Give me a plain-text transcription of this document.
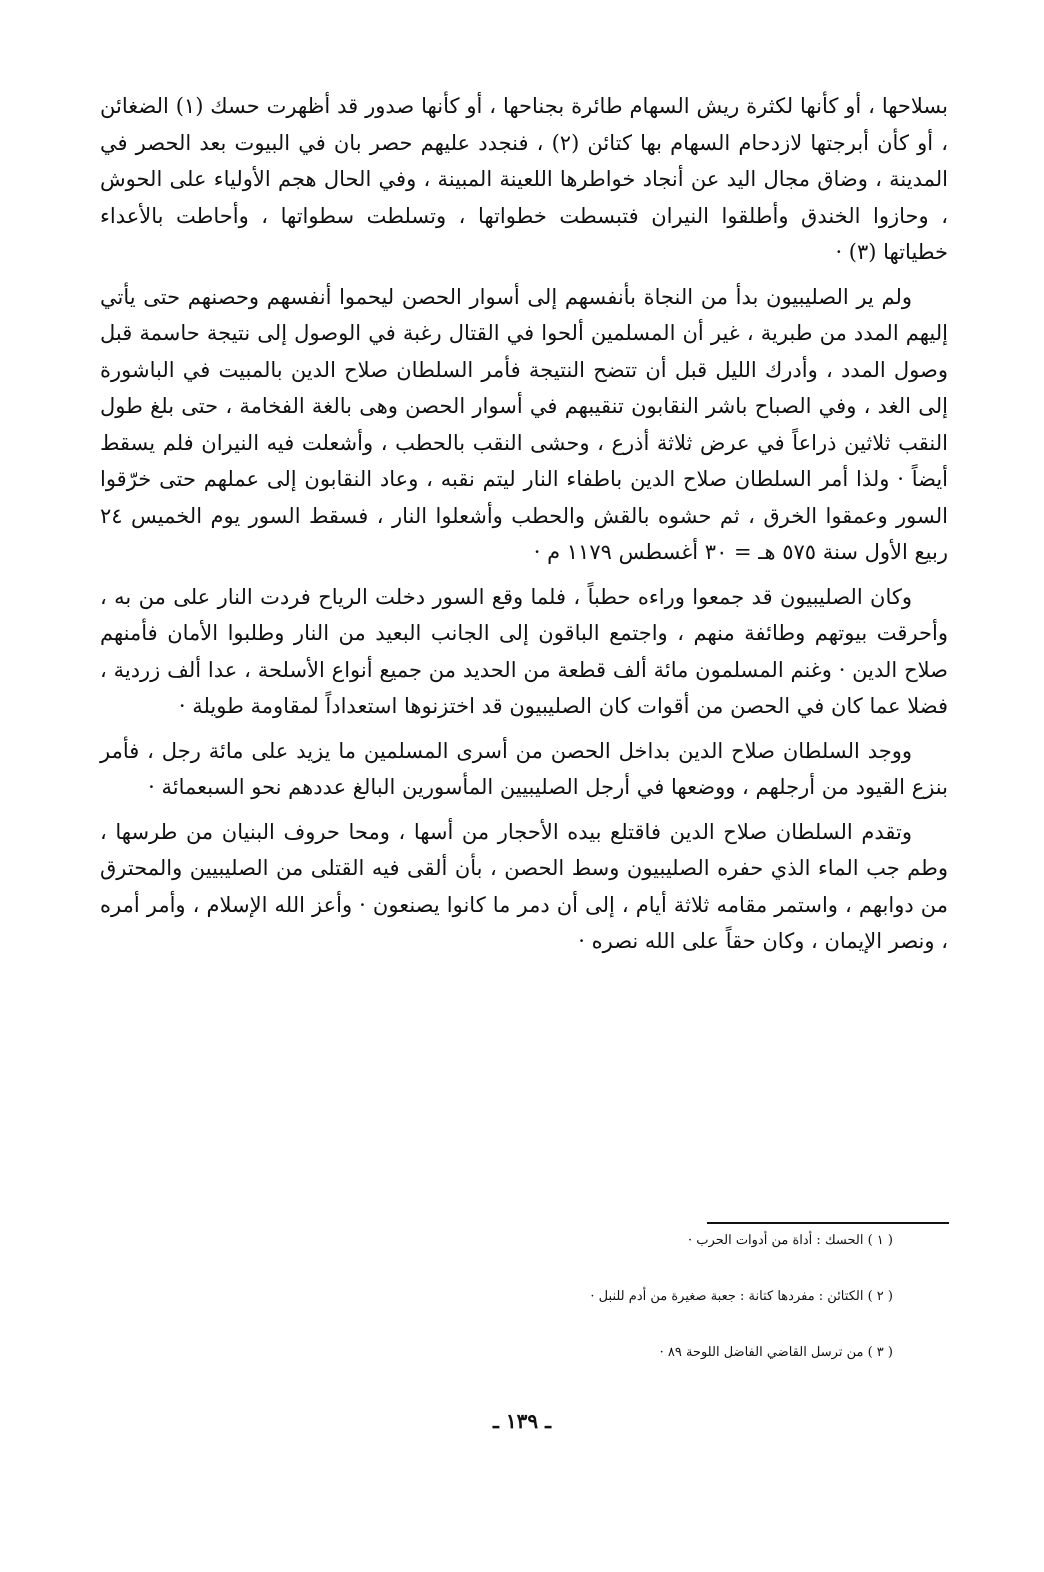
بسلاحها ، أو كأنها لكثرة ريش السهام طائرة بجناحها ، أو كأنها صدور قد أظهرت حسك (١) الضغائن ، أو كأن أبرجتها لازدحام السهام بها كتائن (٢) ، فنجدد عليهم حصر بان في البيوت بعد الحصر في المدينة ، وضاق مجال اليد عن أنجاد خواطرها اللعينة المبينة ، وفي الحال هجم الأولياء على الحوش ، وحازوا الخندق وأطلقوا النيران فتبسطت خطواتها ، وتسلطت سطواتها ، وأحاطت بالأعداء خطياتها (٣) ·

ولم ير الصليبيون بدأ من النجاة بأنفسهم إلى أسوار الحصن ليحموا أنفسهم وحصنهم حتى يأتي إليهم المدد من طبرية ، غير أن المسلمين ألحوا في القتال رغبة في الوصول إلى نتيجة حاسمة قبل وصول المدد ، وأدرك الليل قبل أن تتضح النتيجة فأمر السلطان صلاح الدين بالمبيت في الباشورة إلى الغد ، وفي الصباح باشر النقابون تنقيبهم في أسوار الحصن وهى بالغة الفخامة ، حتى بلغ طول النقب ثلاثين ذراعاً في عرض ثلاثة أذرع ، وحشى النقب بالحطب ، وأشعلت فيه النيران فلم يسقط أيضاً · ولذا أمر السلطان صلاح الدين باطفاء النار ليتم نقبه ، وعاد النقابون إلى عملهم حتى خرّقوا السور وعمقوا الخرق ، ثم حشوه بالقش والحطب وأشعلوا النار ، فسقط السور يوم الخميس ٢٤ ربيع الأول سنة ٥٧٥ هـ = ٣٠ أغسطس ١١٧٩ م ·

وكان الصليبيون قد جمعوا وراءه حطباً ، فلما وقع السور دخلت الرياح فردت النار على من به ، وأحرقت بيوتهم وطائفة منهم ، واجتمع الباقون إلى الجانب البعيد من النار وطلبوا الأمان فأمنهم صلاح الدين · وغنم المسلمون مائة ألف قطعة من الحديد من جميع أنواع الأسلحة ، عدا ألف زردية ، فضلا عما كان في الحصن من أقوات كان الصليبيون قد اختزنوها استعداداً لمقاومة طويلة ·

ووجد السلطان صلاح الدين بداخل الحصن من أسرى المسلمين ما يزيد على مائة رجل ، فأمر بنزع القيود من أرجلهم ، ووضعها في أرجل الصليبيين المأسورين البالغ عددهم نحو السبعمائة ·

وتقدم السلطان صلاح الدين فاقتلع بيده الأحجار من أسها ، ومحا حروف البنيان من طرسها ، وطم جب الماء الذي حفره الصليبيون وسط الحصن ، بأن ألقى فيه القتلى من الصليبيين والمحترق من دوابهم ، واستمر مقامه ثلاثة أيام ، إلى أن دمر ما كانوا يصنعون · وأعز الله الإسلام ، وأمر أمره ، ونصر الإيمان ، وكان حقاً على الله نصره ·

( ١ ) الحسك : أداة من أدوات الحرب ·

( ٢ ) الكتائن : مفردها كتانة : جعبة صغيرة من أدم للنبل ·

( ٣ ) من ترسل القاضي الفاضل اللوحة ٨٩ ·

ـ ١٣٩ ـ
